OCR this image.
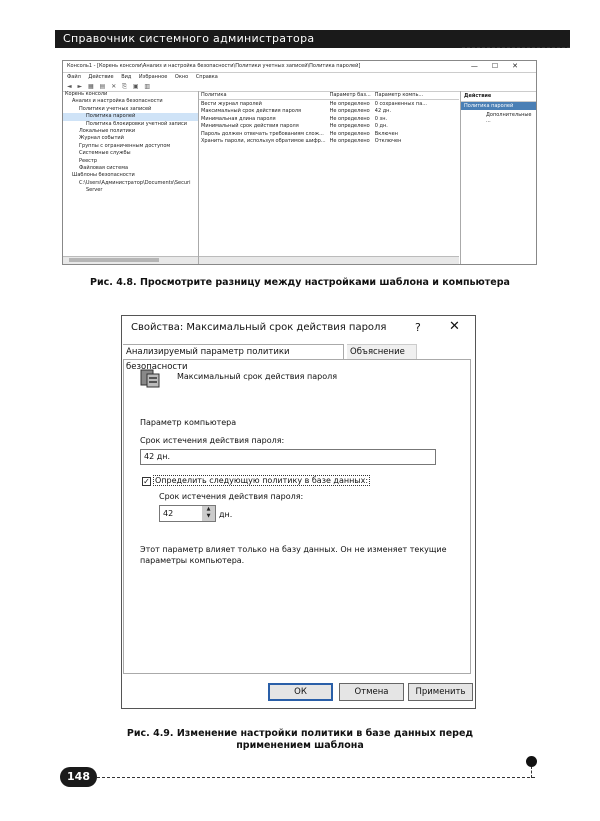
Справочник системного администратора
Консоль1 - [Корень консоли\Анализ и настройка безопасности\Политики учетных записей\Политика паролей]	—☐✕
Файл Действие Вид Избранное Окно Справка
◄ ► ▦ ▤ ✕ ⎘ ▣ ▥
Корень консоли
Анализ и настройка безопасности
Политики учетных записей
Политика паролей
Политика блокировки учетной записи
Локальные политики
Журнал событий
Группы с ограниченным доступом
Системные службы
Реестр
Файловая система
Шаблоны безопасности
C:\Users\Администратор\Documents\Securi
Server
Политика	Параметр баз...	Параметр компь...
Вести журнал паролей	Не определено	0 сохраненных па...
Максимальный срок действия пароля	Не определено	42 дн.
Минимальная длина пароля	Не определено	0 зн.
Минимальный срок действия пароля	Не определено	0 дн.
Пароль должен отвечать требованиям слож...	Не определено	Включен
Хранить пароли, используя обратимое шифр...	Не определено	Отключен
Действие
Политика паролей
Дополнительные ...
Рис. 4.8. Просмотрите разницу между настройками шаблона и компьютера
Свойства: Максимальный срок действия пароля	? ✕
Анализируемый параметр политики безопасности
Объяснение
Максимальный срок действия пароля
Параметр компьютера
Срок истечения действия пароля:
42 дн.
✓ Определить следующую политику в базе данных:
Срок истечения действия пароля:
42	▲
▼	дн.
Этот параметр влияет только на базу данных. Он не изменяет текущие
параметры компьютера.
ОК	Отмена	Применить
Рис. 4.9. Изменение настройки политики в базе данных перед
применением шаблона
148
